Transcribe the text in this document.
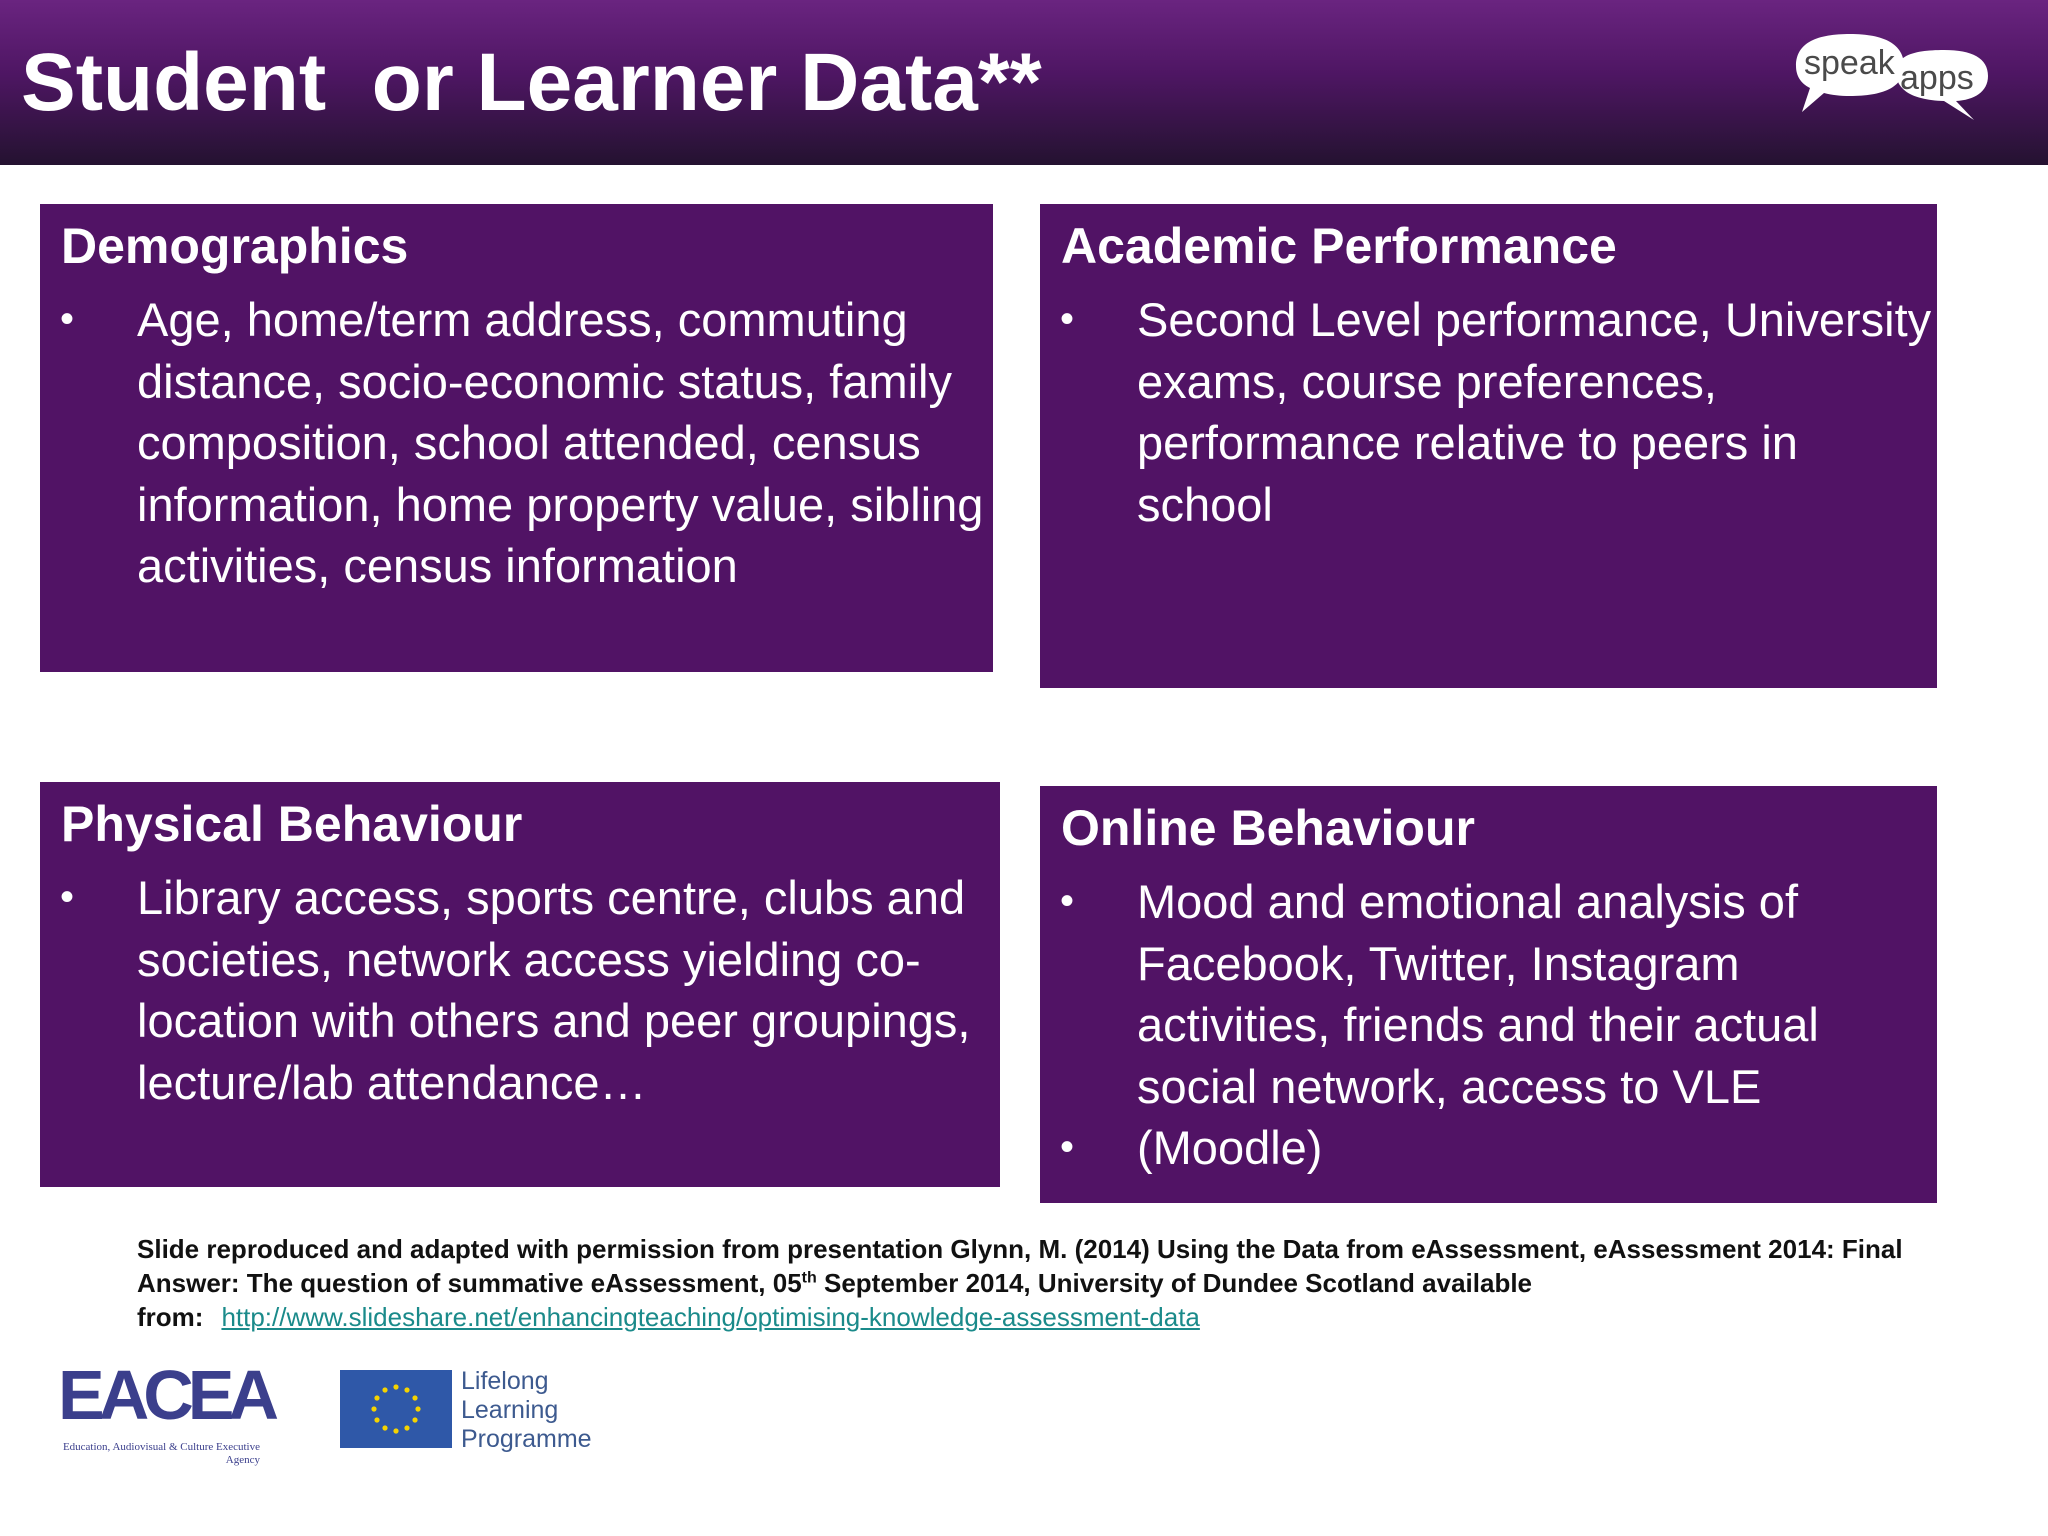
Student  or Learner Data**	speak apps
Demographics
•	Age, home/term address, commuting distance, socio-economic status, family composition, school attended, census information, home property value, sibling activities, census information
Academic Performance
•	Second Level performance, University exams, course preferences, performance relative to peers in school
Physical Behaviour
•	Library access, sports centre, clubs and societies, network access yielding co-location with others and peer groupings, lecture/lab attendance…
Online Behaviour
•	Mood and emotional analysis of Facebook, Twitter, Instagram activities, friends and their actual social network, access to VLE
•	(Moodle)
Slide reproduced and adapted with permission from presentation Glynn, M. (2014) Using the Data from eAssessment, eAssessment 2014: Final Answer: The question of summative eAssessment, 05th September 2014, University of Dundee Scotland available from: http://www.slideshare.net/enhancingteaching/optimising-knowledge-assessment-data
EACEA
Education, Audiovisual & Culture Executive Agency
Lifelong
Learning
Programme
